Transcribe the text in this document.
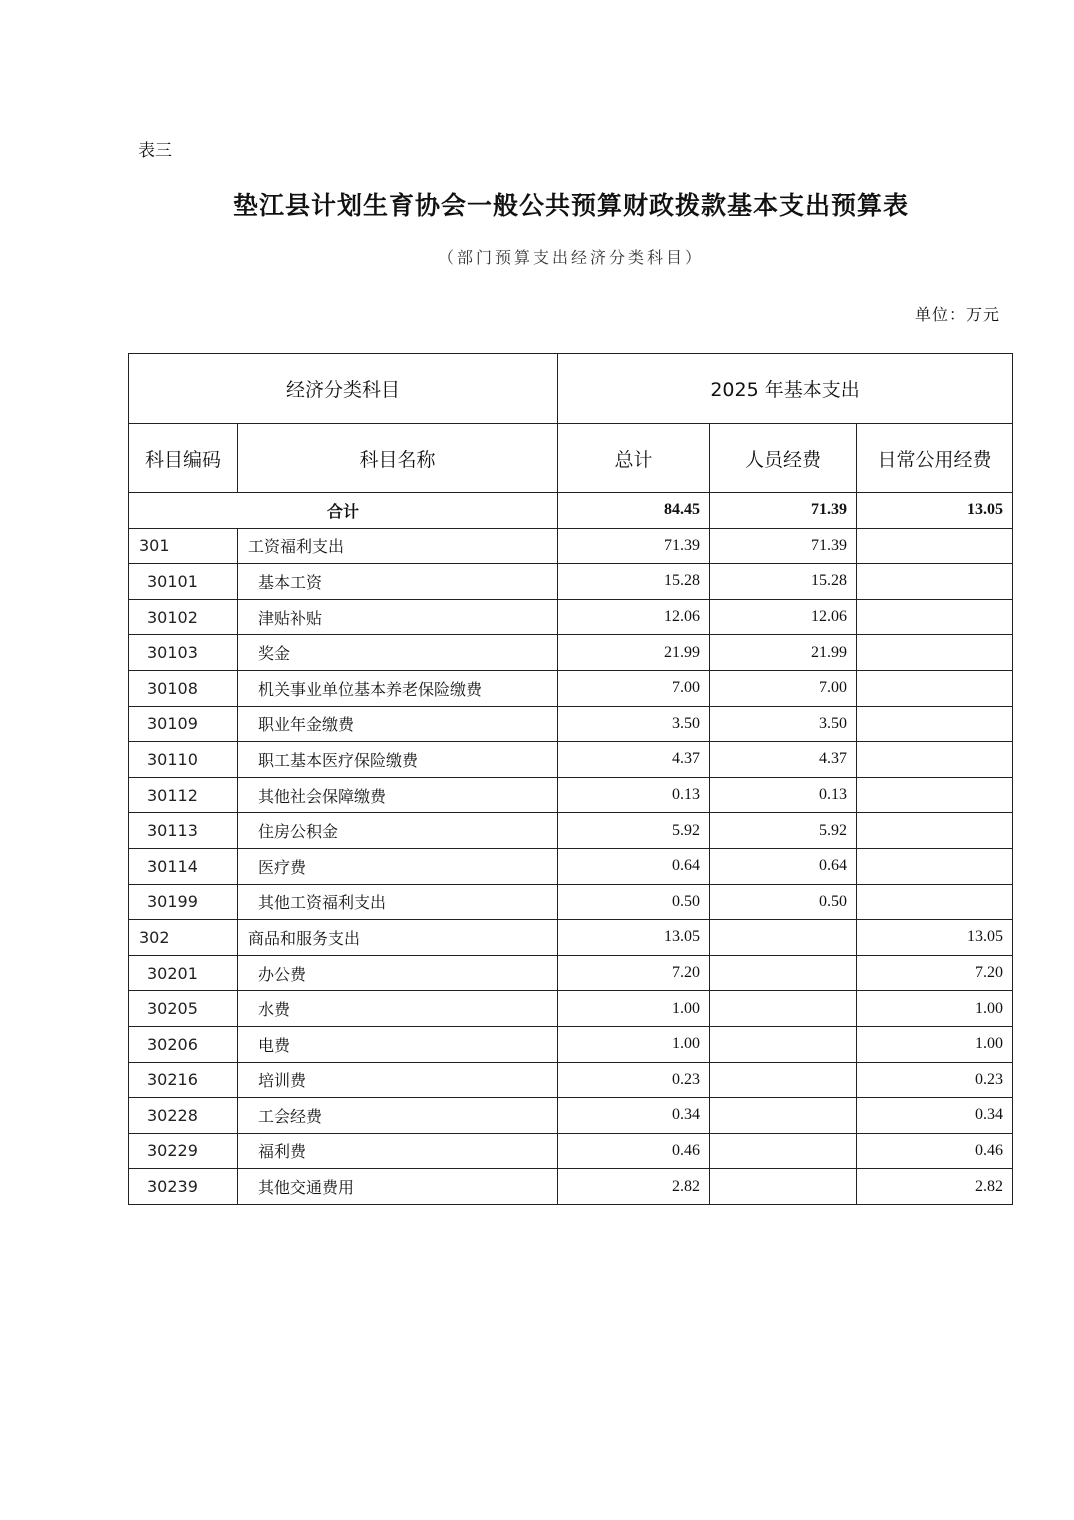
表三
垫江县计划生育协会一般公共预算财政拨款基本支出预算表
（部门预算支出经济分类科目）
单位：万元
经济分类科目		2025 年基本支出		
科目编码	科目名称	总计	人员经费	日常公用经费
合计		84.45	71.39	13.05
301	工资福利支出	71.39	71.39	
30101	基本工资	15.28	15.28	
30102	津贴补贴	12.06	12.06	
30103	奖金	21.99	21.99	
30108	机关事业单位基本养老保险缴费	7.00	7.00	
30109	职业年金缴费	3.50	3.50	
30110	职工基本医疗保险缴费	4.37	4.37	
30112	其他社会保障缴费	0.13	0.13	
30113	住房公积金	5.92	5.92	
30114	医疗费	0.64	0.64	
30199	其他工资福利支出	0.50	0.50	
302	商品和服务支出	13.05		13.05
30201	办公费	7.20		7.20
30205	水费	1.00		1.00
30206	电费	1.00		1.00
30216	培训费	0.23		0.23
30228	工会经费	0.34		0.34
30229	福利费	0.46		0.46
30239	其他交通费用	2.82		2.82
